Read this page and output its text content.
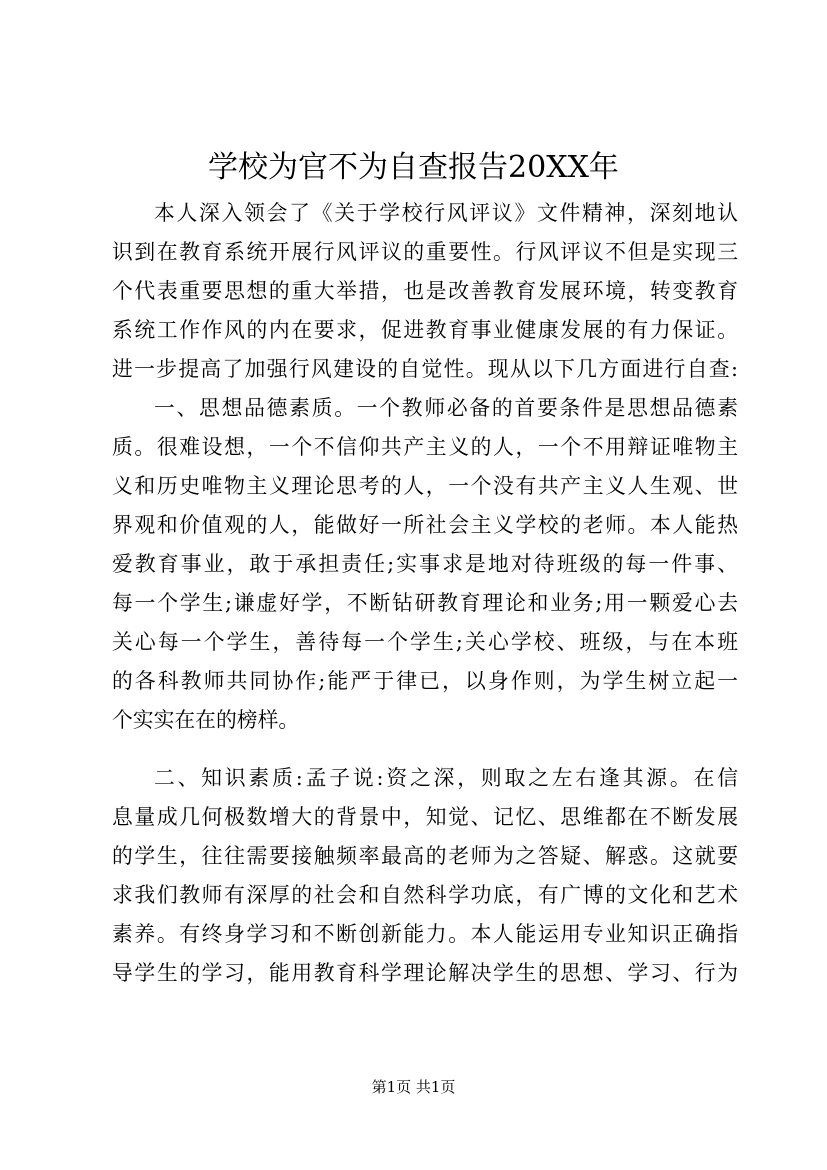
学校为官不为自查报告20XX年
本人深入领会了《关于学校行风评议》文件精神，深刻地认
识到在教育系统开展行风评议的重要性。行风评议不但是实现三
个代表重要思想的重大举措，也是改善教育发展环境，转变教育
系统工作作风的内在要求，促进教育事业健康发展的有力保证。
进一步提高了加强行风建设的自觉性。现从以下几方面进行自查:
一、思想品德素质。一个教师必备的首要条件是思想品德素
质。很难设想，一个不信仰共产主义的人，一个不用辩证唯物主
义和历史唯物主义理论思考的人，一个没有共产主义人生观、世
界观和价值观的人，能做好一所社会主义学校的老师。本人能热
爱教育事业，敢于承担责任;实事求是地对待班级的每一件事、
每一个学生;谦虚好学，不断钻研教育理论和业务;用一颗爱心去
关心每一个学生，善待每一个学生;关心学校、班级，与在本班
的各科教师共同协作;能严于律已，以身作则，为学生树立起一
个实实在在的榜样。
二、知识素质:孟子说:资之深，则取之左右逢其源。在信
息量成几何极数增大的背景中，知觉、记忆、思维都在不断发展
的学生，往往需要接触频率最高的老师为之答疑、解惑。这就要
求我们教师有深厚的社会和自然科学功底，有广博的文化和艺术
素养。有终身学习和不断创新能力。本人能运用专业知识正确指
导学生的学习，能用教育科学理论解决学生的思想、学习、行为
第1页 共1页
